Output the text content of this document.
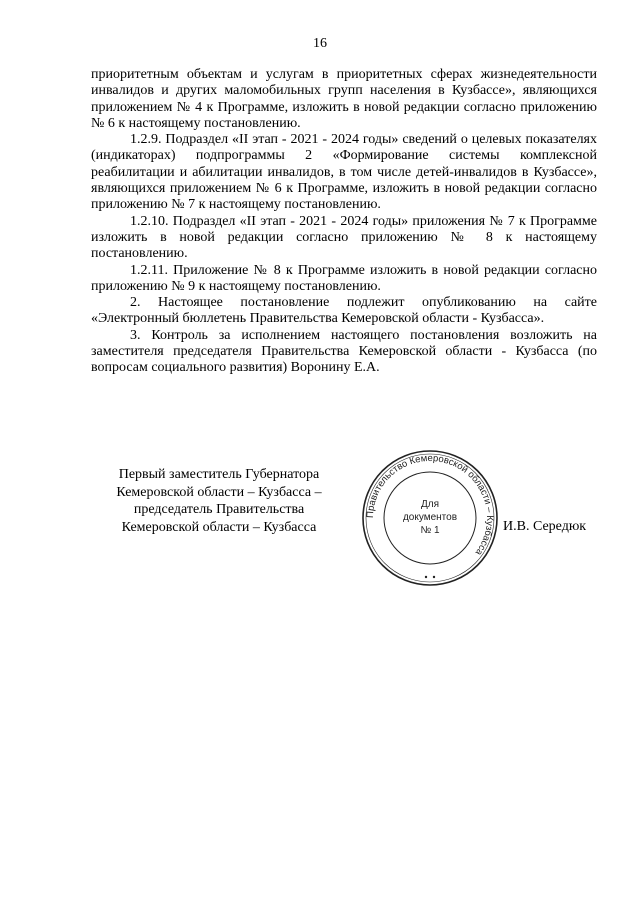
16

приоритетным объектам и услугам в приоритетных сферах жизнедеятельности инвалидов и других маломобильных групп населения в Кузбассе», являющихся приложением № 4 к Программе, изложить в новой редакции согласно приложению № 6 к настоящему постановлению.

1.2.9. Подраздел «II этап - 2021 - 2024 годы» сведений о целевых показателях (индикаторах) подпрограммы 2 «Формирование системы комплексной реабилитации и абилитации инвалидов, в том числе детей-инвалидов в Кузбассе», являющихся приложением № 6 к Программе, изложить в новой редакции согласно приложению № 7 к настоящему постановлению.

1.2.10. Подраздел «II этап - 2021 - 2024 годы» приложения № 7 к Программе изложить в новой редакции согласно приложению № 8 к настоящему постановлению.

1.2.11. Приложение № 8 к Программе изложить в новой редакции согласно приложению № 9 к настоящему постановлению.

2. Настоящее постановление подлежит опубликованию на сайте «Электронный бюллетень Правительства Кемеровской области - Кузбасса».

3. Контроль за исполнением настоящего постановления возложить на заместителя председателя Правительства Кемеровской области - Кузбасса (по вопросам социального развития) Воронину Е.А.

Первый заместитель Губернатора
Кемеровской области – Кузбасса –
председатель Правительства
Кемеровской области – Кузбасса
Правительство Кемеровской области – Кузбасса
Для
документов
№ 1	И.В. Середюк
